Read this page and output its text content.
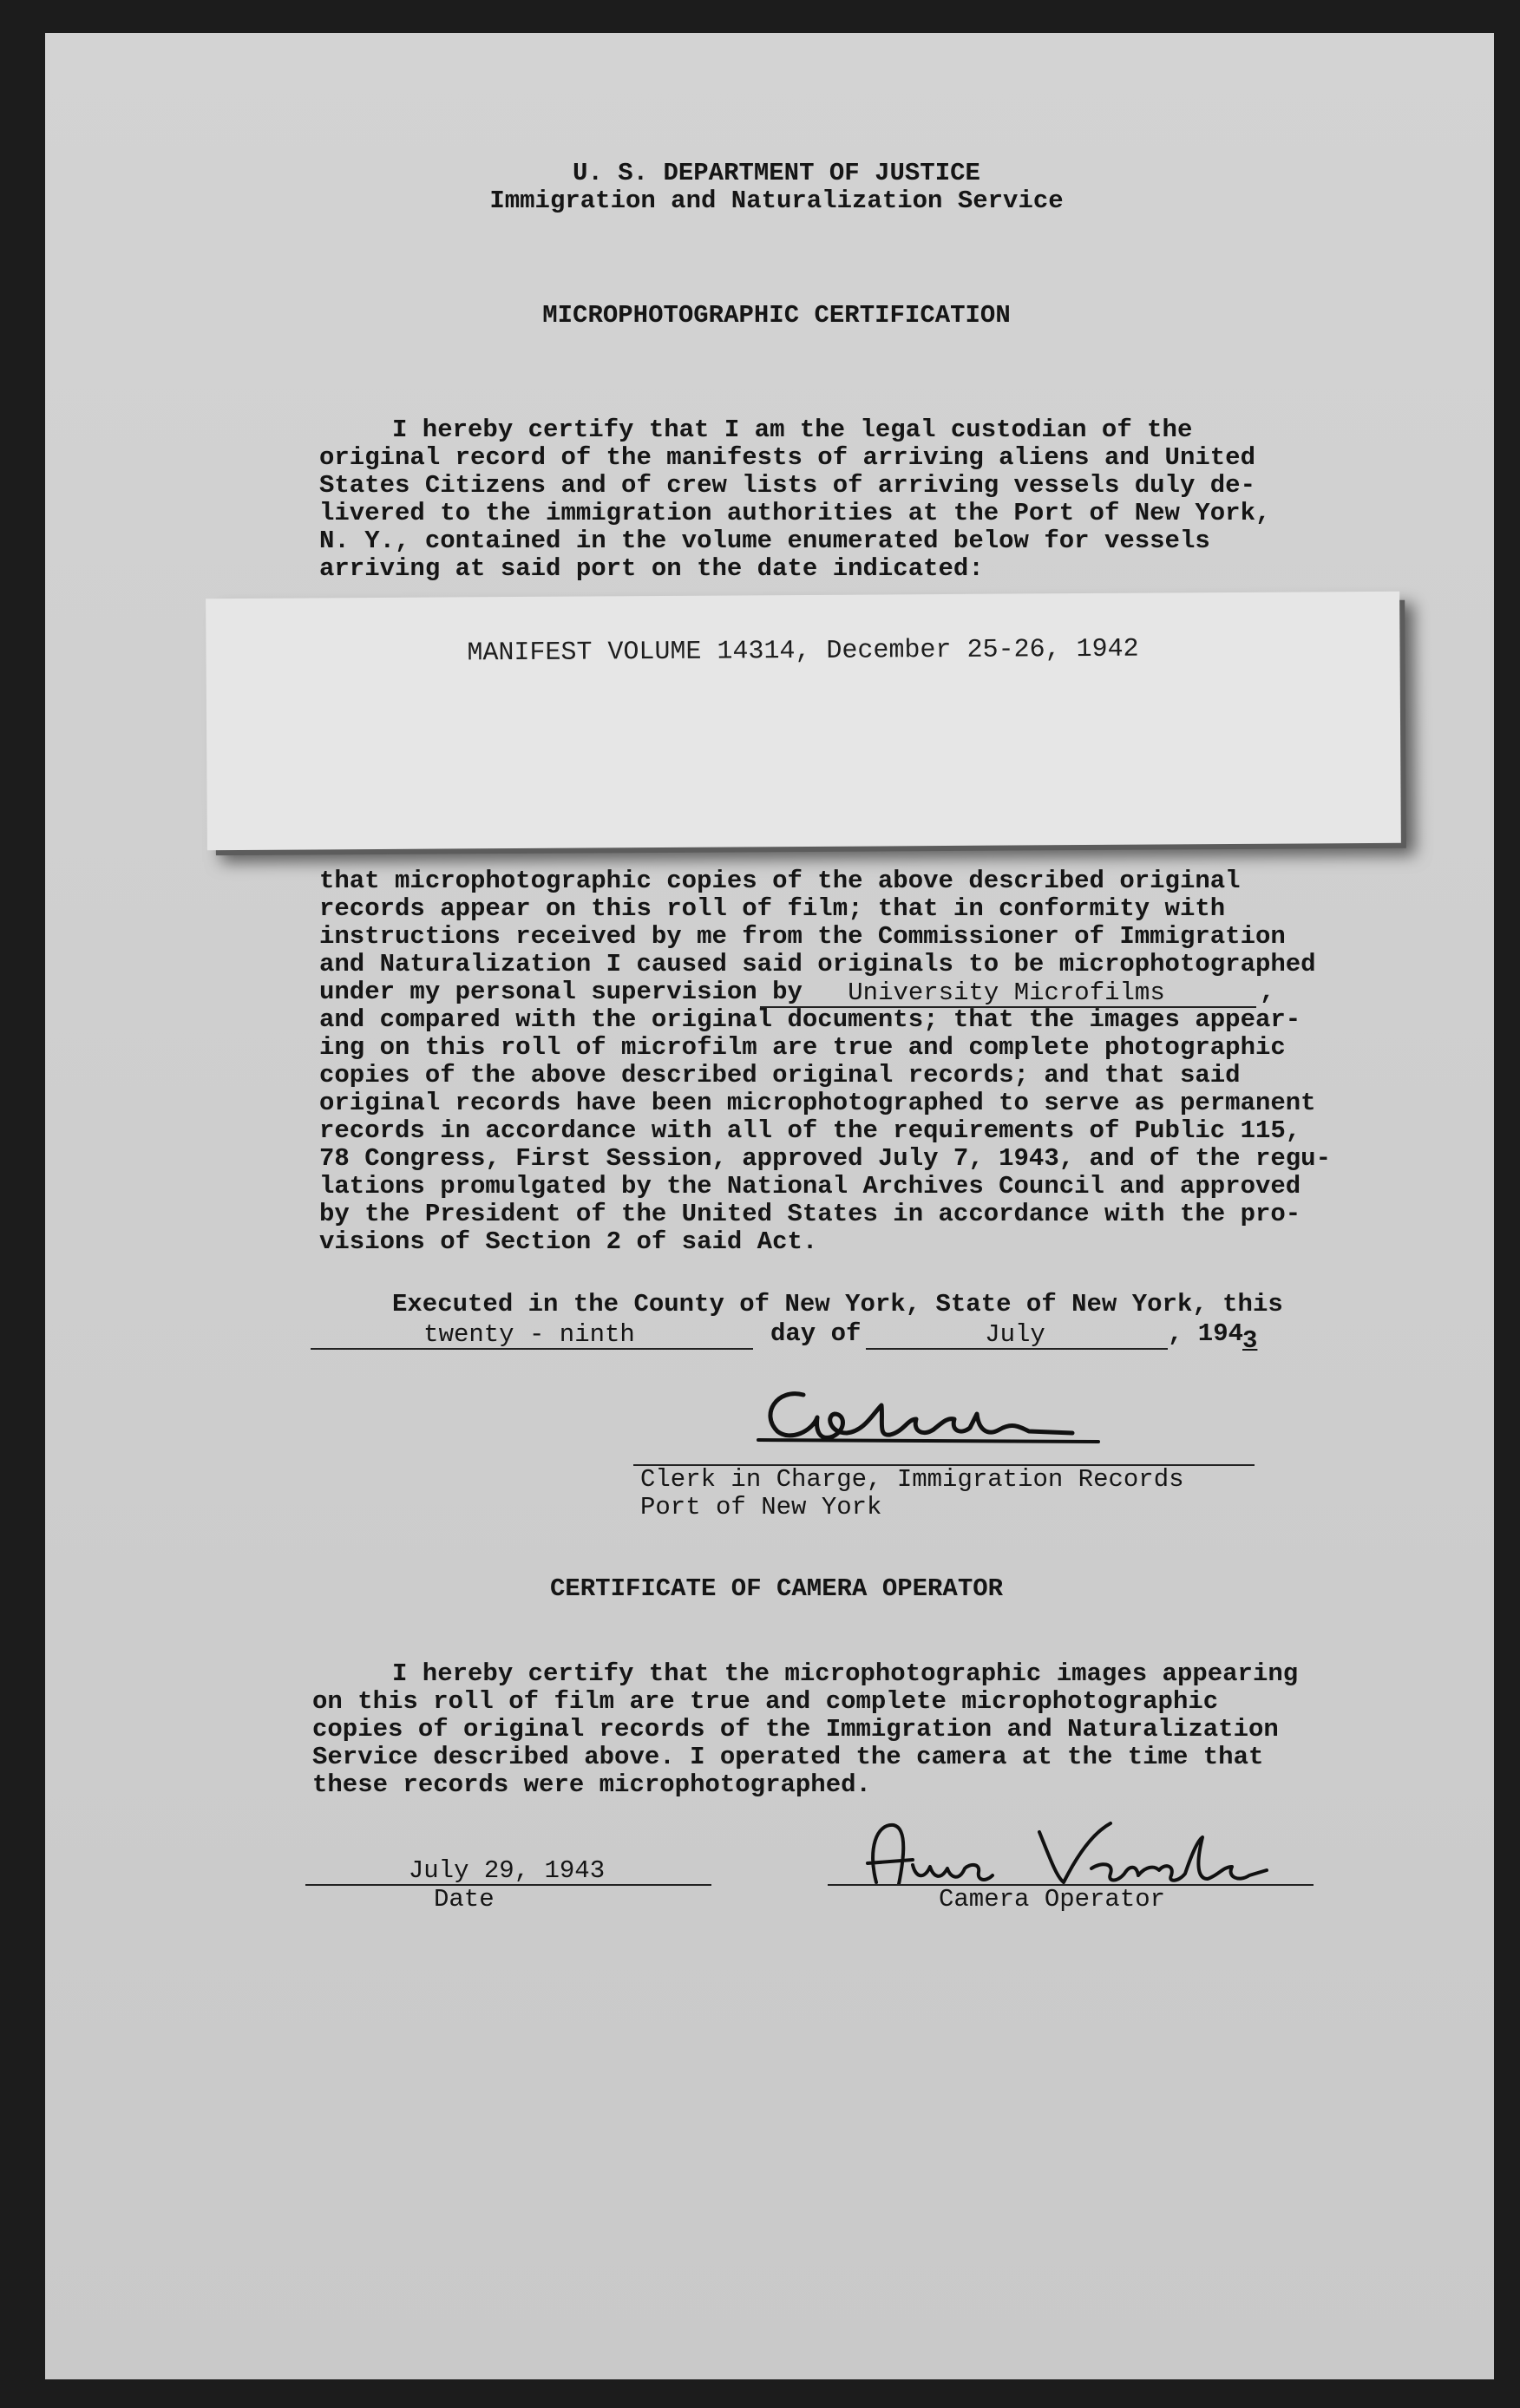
U. S. DEPARTMENT OF JUSTICE
Immigration and Naturalization Service
MICROPHOTOGRAPHIC CERTIFICATION
I hereby certify that I am the legal custodian of the
original record of the manifests of arriving aliens and United
States Citizens and of crew lists of arriving vessels duly de-
livered to the immigration authorities at the Port of New York,
N. Y., contained in the volume enumerated below for vessels
arriving at said port on the date indicated:
MANIFEST VOLUME 14314, December 25-26, 1942
that microphotographic copies of the above described original
records appear on this roll of film; that in conformity with
instructions received by me from the Commissioner of Immigration
and Naturalization I caused said originals to be microphotographed
under my personal supervision by	University Microfilms	,
and compared with the original documents; that the images appear-
ing on this roll of microfilm are true and complete photographic
copies of the above described original records; and that said
original records have been microphotographed to serve as permanent
records in accordance with all of the requirements of Public 115,
78 Congress, First Session, approved July 7, 1943, and of the regu-
lations promulgated by the National Archives Council and approved
by the President of the United States in accordance with the pro-
visions of Section 2 of said Act.
Executed in the County of New York, State of New York, this
twenty - ninth	day of	July	, 194
3
Clerk in Charge, Immigration Records
Port of New York
CERTIFICATE OF CAMERA OPERATOR
I hereby certify that the microphotographic images appearing
on this roll of film are true and complete microphotographic
copies of original records of the Immigration and Naturalization
Service described above. I operated the camera at the time that
these records were microphotographed.
July 29, 1943
Date	Camera Operator
